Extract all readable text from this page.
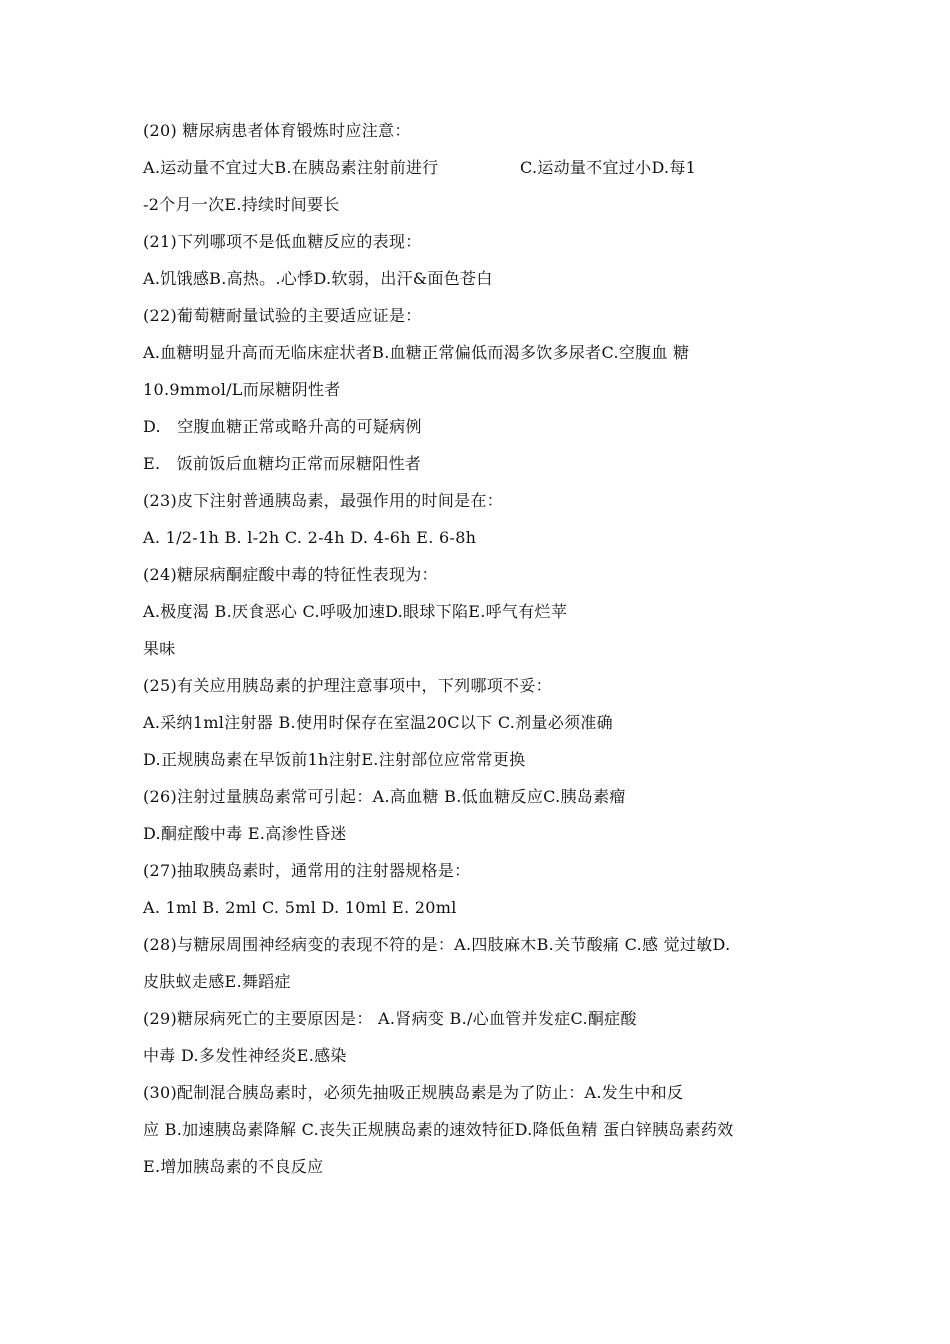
(20) 糖尿病患者体育锻炼时应注意：
A.运动量不宜过大B.在胰岛素注射前进行　　　　　C.运动量不宜过小D.每1
-2个月一次E.持续时间要长
(21)下列哪项不是低血糖反应的表现：
A.饥饿感B.高热。.心悸D.软弱，出汗&面色苍白
(22)葡萄糖耐量试验的主要适应证是：
A.血糖明显升高而无临床症状者B.血糖正常偏低而渴多饮多尿者C.空腹血 糖
10.9mmol/L而尿糖阴性者
D.　空腹血糖正常或略升高的可疑病例
E.　饭前饭后血糖均正常而尿糖阳性者
(23)皮下注射普通胰岛素，最强作用的时间是在：
A. 1/2-1h B. l-2h C. 2-4h D. 4-6h E. 6-8h
(24)糖尿病酮症酸中毒的特征性表现为：
A.极度渴 B.厌食恶心 C.呼吸加速D.眼球下陷E.呼气有烂苹
果味
(25)有关应用胰岛素的护理注意事项中，下列哪项不妥：
A.采纳1ml注射器 B.使用时保存在室温20C以下 C.剂量必须准确
D.正规胰岛素在早饭前1h注射E.注射部位应常常更换
(26)注射过量胰岛素常可引起：A.高血糖 B.低血糖反应C.胰岛素瘤
D.酮症酸中毒 E.高渗性昏迷
(27)抽取胰岛素时，通常用的注射器规格是：
A. 1ml B. 2ml C. 5ml D. 10ml E. 20ml
(28)与糖尿周围神经病变的表现不符的是：A.四肢麻木B.关节酸痛 C.感 觉过敏D.
皮肤蚁走感E.舞蹈症
(29)糖尿病死亡的主要原因是： A.肾病变 B./心血管并发症C.酮症酸
中毒 D.多发性神经炎E.感染
(30)配制混合胰岛素时，必须先抽吸正规胰岛素是为了防止：A.发生中和反
应 B.加速胰岛素降解 C.丧失正规胰岛素的速效特征D.降低鱼精 蛋白锌胰岛素药效
E.增加胰岛素的不良反应
